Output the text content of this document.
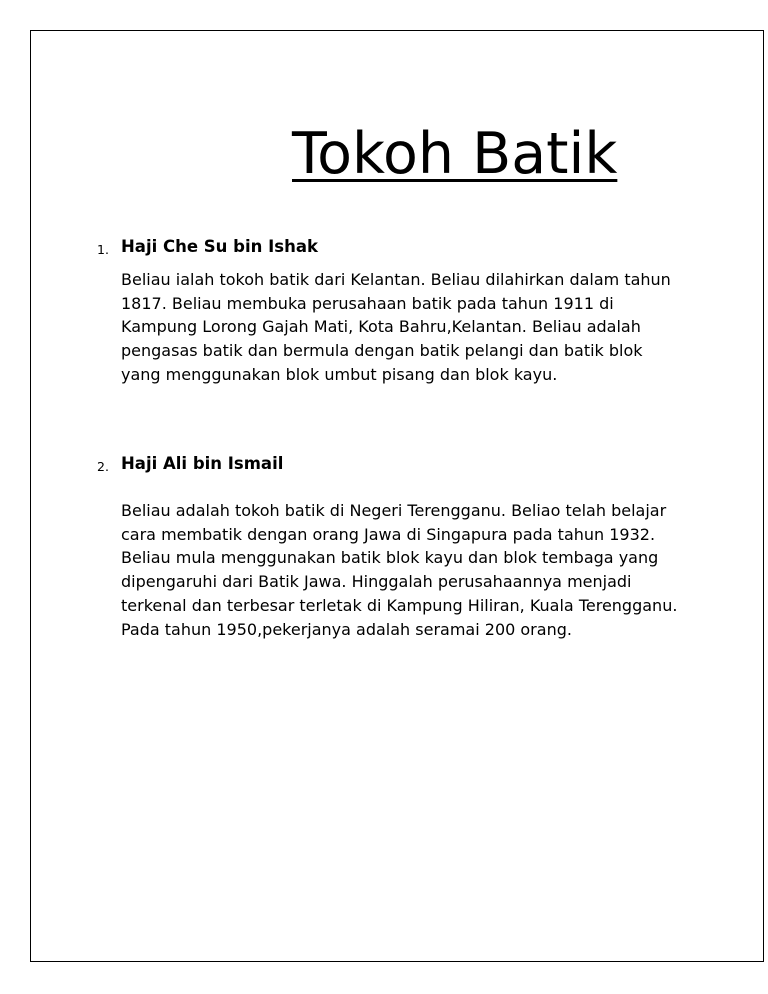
Tokoh Batik
1. Haji Che Su bin Ishak

Beliau ialah tokoh batik dari Kelantan. Beliau dilahirkan dalam tahun 1817. Beliau membuka perusahaan batik pada tahun 1911 di Kampung Lorong Gajah Mati, Kota Bahru,Kelantan. Beliau adalah pengasas batik dan bermula dengan batik pelangi dan batik blok yang menggunakan blok umbut pisang dan blok kayu.

2. Haji Ali bin Ismail

Beliau adalah tokoh batik di Negeri Terengganu. Beliao telah belajar cara membatik dengan orang Jawa di Singapura pada tahun 1932. Beliau mula menggunakan batik blok kayu dan blok tembaga yang dipengaruhi dari Batik Jawa. Hinggalah perusahaannya menjadi terkenal dan terbesar terletak di Kampung Hiliran, Kuala Terengganu. Pada tahun 1950,pekerjanya adalah seramai 200 orang.
